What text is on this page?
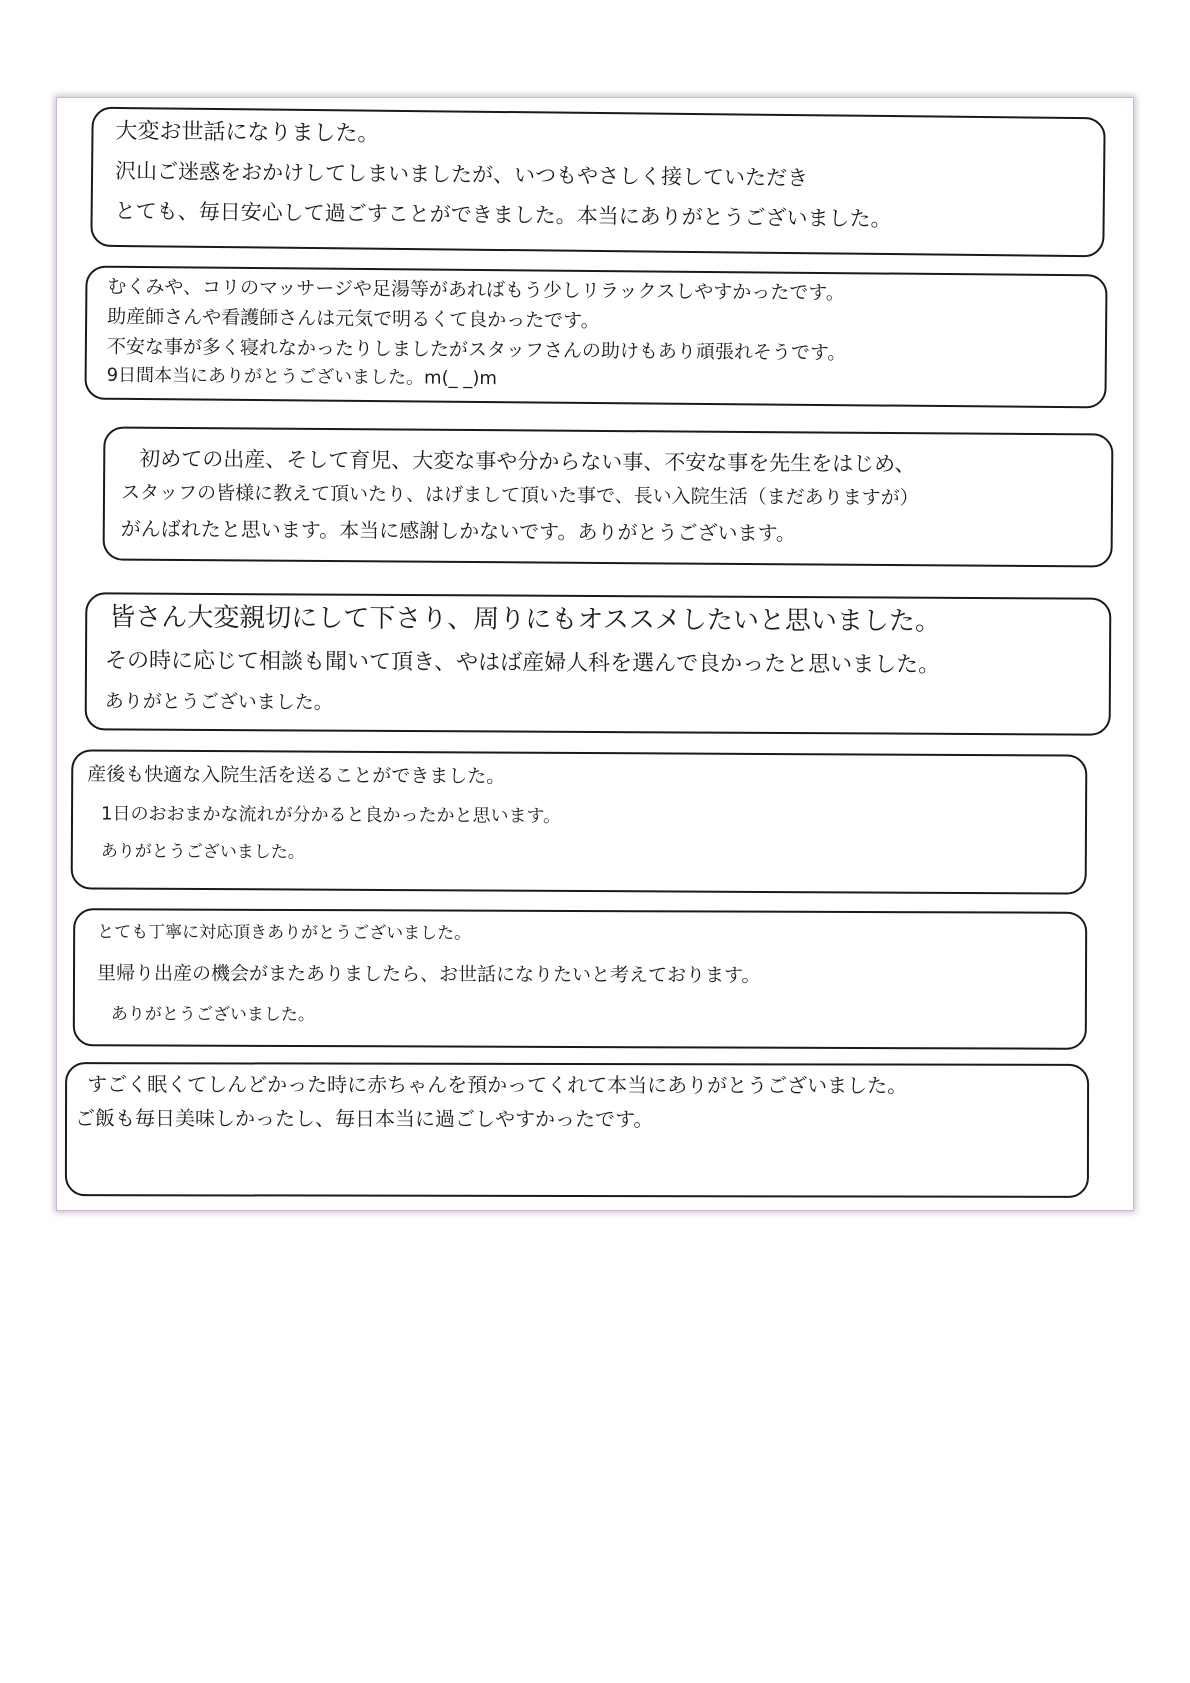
大変お世話になりました。

沢山ご迷惑をおかけしてしまいましたが、いつもやさしく接していただき

とても、毎日安心して過ごすことができました。本当にありがとうございました。

むくみや、コリのマッサージや足湯等があればもう少しリラックスしやすかったです。

助産師さんや看護師さんは元気で明るくて良かったです。

不安な事が多く寝れなかったりしましたがスタッフさんの助けもあり頑張れそうです。

9日間本当にありがとうございました。m(_ _)m

初めての出産、そして育児、大変な事や分からない事、不安な事を先生をはじめ、

スタッフの皆様に教えて頂いたり、はげまして頂いた事で、長い入院生活（まだありますが）

がんばれたと思います。本当に感謝しかないです。ありがとうございます。

皆さん大変親切にして下さり、周りにもオススメしたいと思いました。

その時に応じて相談も聞いて頂き、やはば産婦人科を選んで良かったと思いました。

ありがとうございました。

産後も快適な入院生活を送ることができました。

1日のおおまかな流れが分かると良かったかと思います。

ありがとうございました。

とても丁寧に対応頂きありがとうございました。

里帰り出産の機会がまたありましたら、お世話になりたいと考えております。

ありがとうございました。

すごく眠くてしんどかった時に赤ちゃんを預かってくれて本当にありがとうございました。

ご飯も毎日美味しかったし、毎日本当に過ごしやすかったです。
